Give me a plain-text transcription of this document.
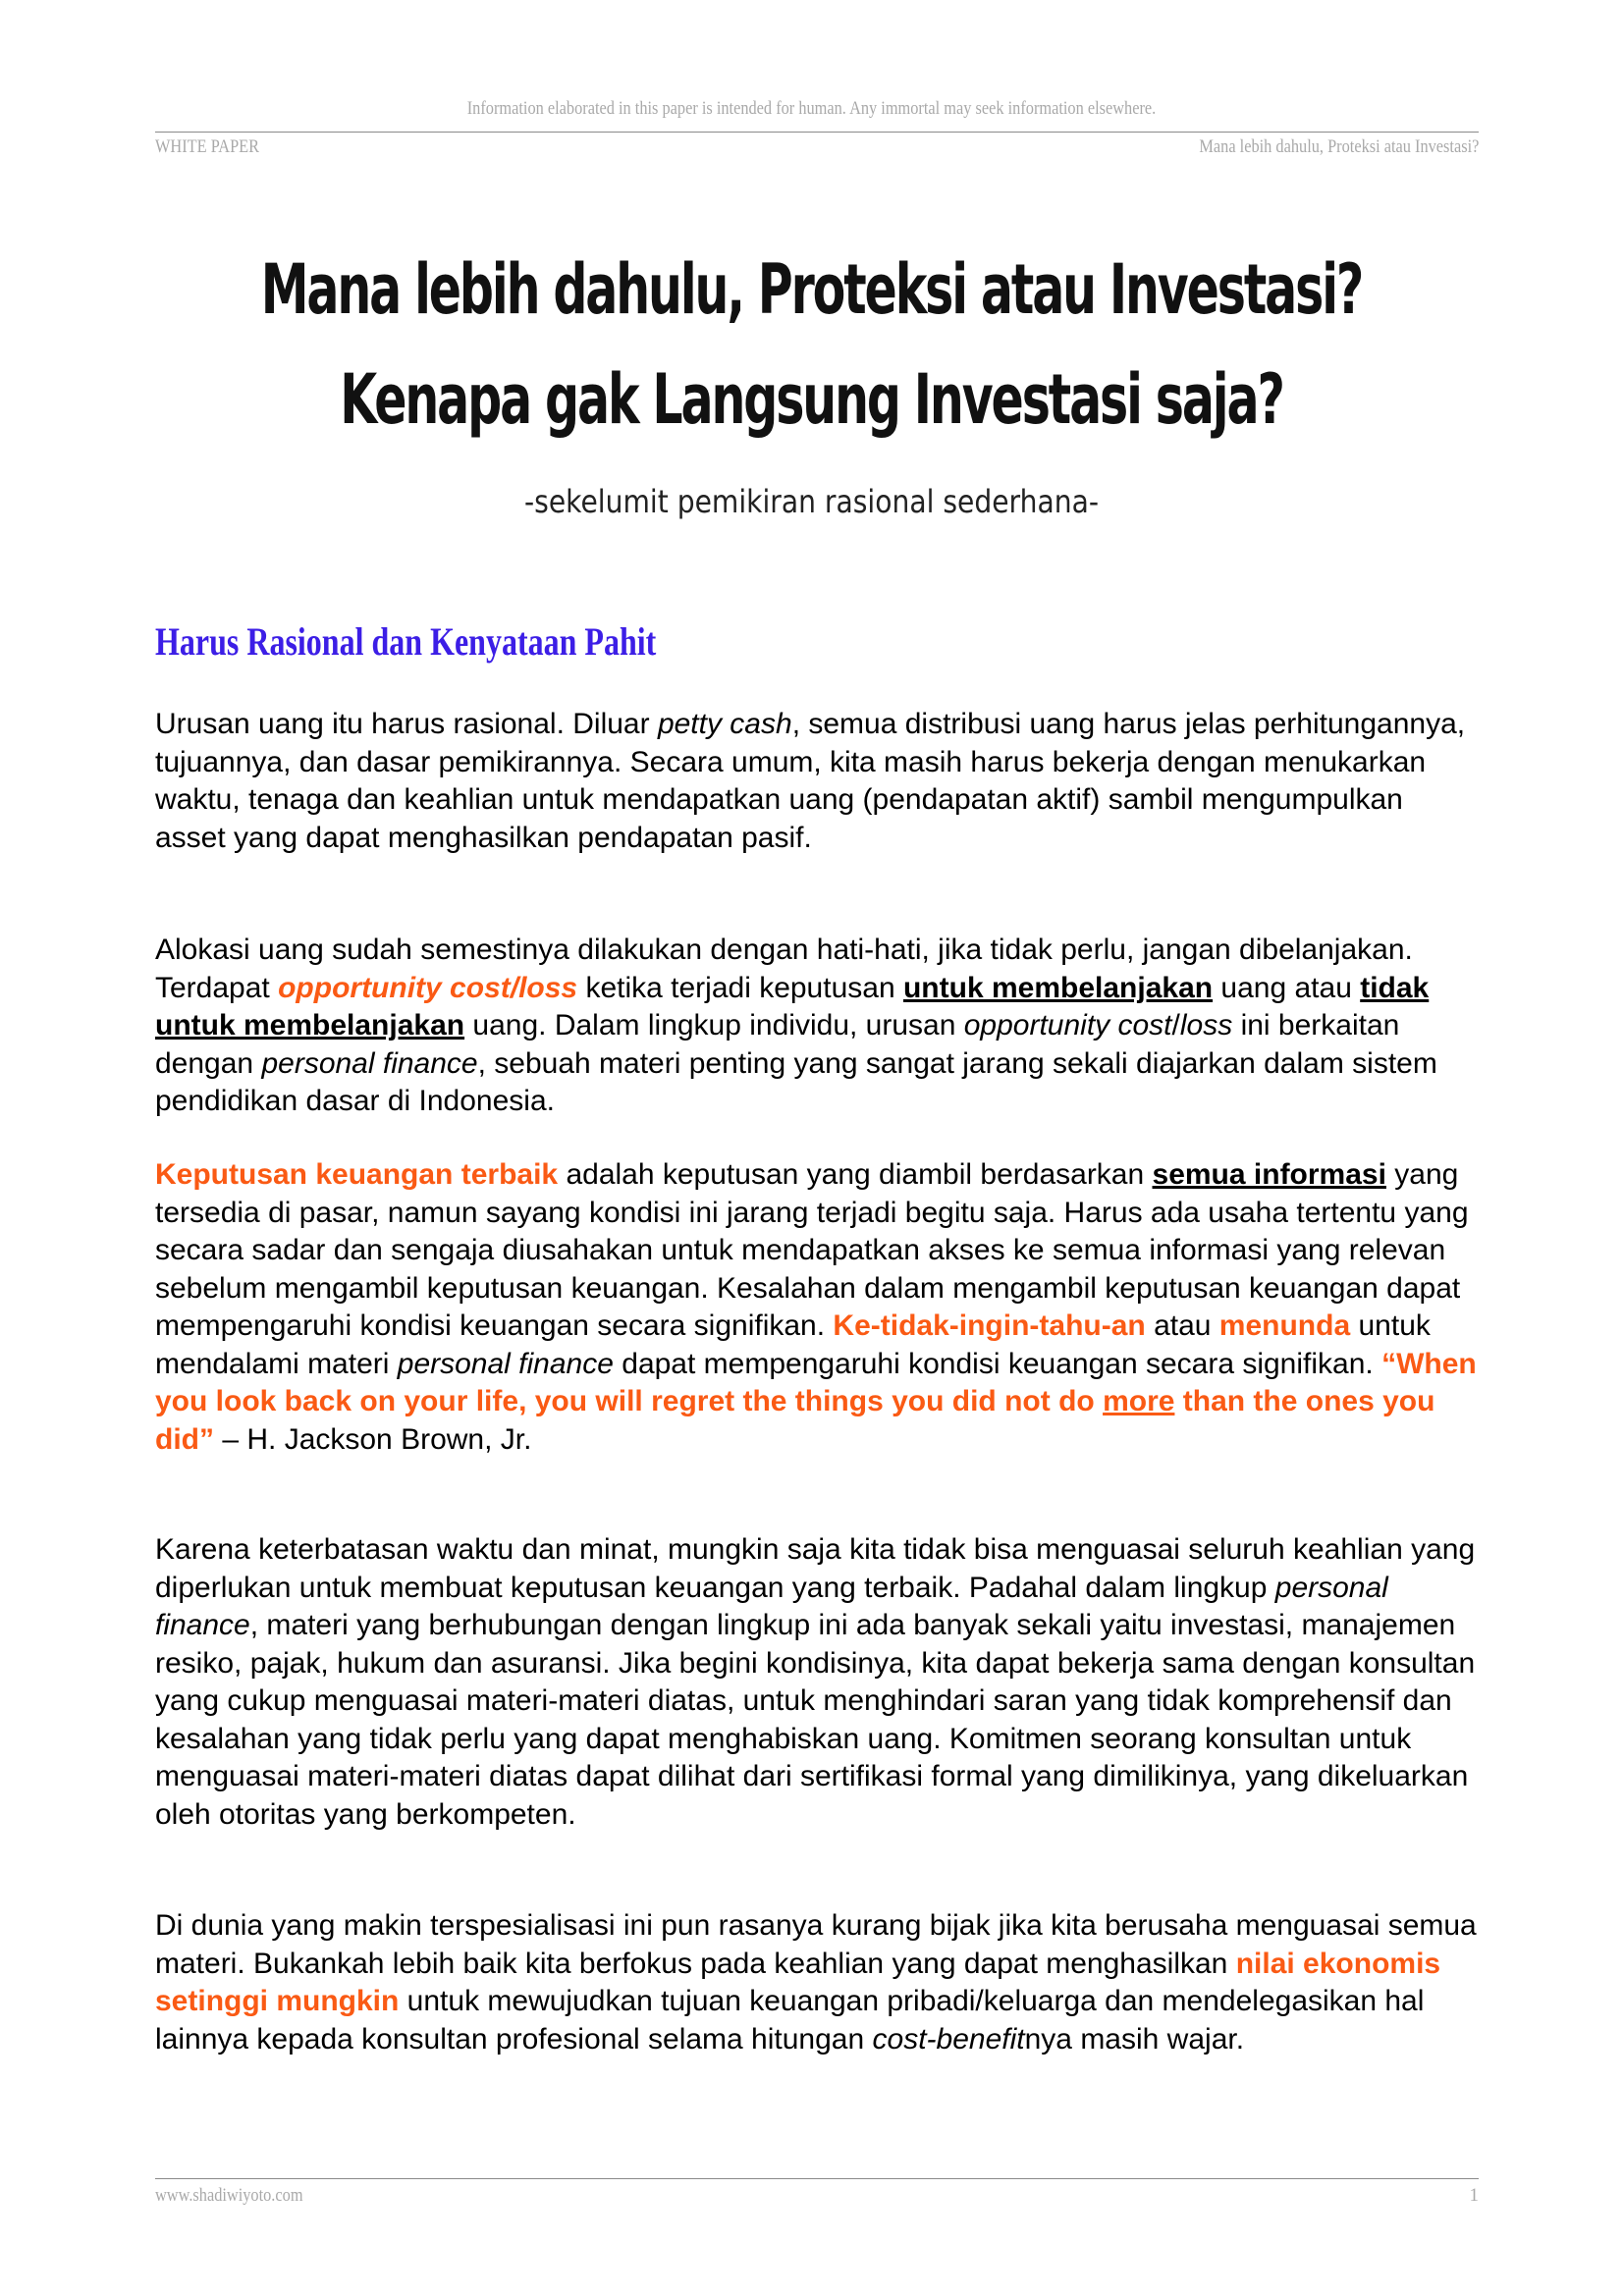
Information elaborated in this paper is intended for human. Any immortal may seek information elsewhere.
WHITE PAPER	Mana lebih dahulu, Proteksi atau Investasi?
Mana lebih dahulu, Proteksi atau Investasi?
Kenapa gak Langsung Investasi saja?
-sekelumit pemikiran rasional sederhana-
Harus Rasional dan Kenyataan Pahit

Urusan uang itu harus rasional. Diluar petty cash, semua distribusi uang harus jelas perhitungannya, tujuannya, dan dasar pemikirannya. Secara umum, kita masih harus bekerja dengan menukarkan waktu, tenaga dan keahlian untuk mendapatkan uang (pendapatan aktif) sambil mengumpulkan asset yang dapat menghasilkan pendapatan pasif.

Alokasi uang sudah semestinya dilakukan dengan hati-hati, jika tidak perlu, jangan dibelanjakan. Terdapat opportunity cost/loss ketika terjadi keputusan untuk membelanjakan uang atau tidak untuk membelanjakan uang. Dalam lingkup individu, urusan opportunity cost/loss ini berkaitan dengan personal finance, sebuah materi penting yang sangat jarang sekali diajarkan dalam sistem pendidikan dasar di Indonesia.

Keputusan keuangan terbaik adalah keputusan yang diambil berdasarkan semua informasi yang tersedia di pasar, namun sayang kondisi ini jarang terjadi begitu saja. Harus ada usaha tertentu yang secara sadar dan sengaja diusahakan untuk mendapatkan akses ke semua informasi yang relevan sebelum mengambil keputusan keuangan. Kesalahan dalam mengambil keputusan keuangan dapat mempengaruhi kondisi keuangan secara signifikan. Ke-tidak-ingin-tahu-an atau menunda untuk mendalami materi personal finance dapat mempengaruhi kondisi keuangan secara signifikan. “When you look back on your life, you will regret the things you did not do more than the ones you did” – H. Jackson Brown, Jr.

Karena keterbatasan waktu dan minat, mungkin saja kita tidak bisa menguasai seluruh keahlian yang diperlukan untuk membuat keputusan keuangan yang terbaik. Padahal dalam lingkup personal finance, materi yang berhubungan dengan lingkup ini ada banyak sekali yaitu investasi, manajemen resiko, pajak, hukum dan asuransi. Jika begini kondisinya, kita dapat bekerja sama dengan konsultan yang cukup menguasai materi-materi diatas, untuk menghindari saran yang tidak komprehensif dan kesalahan yang tidak perlu yang dapat menghabiskan uang. Komitmen seorang konsultan untuk menguasai materi-materi diatas dapat dilihat dari sertifikasi formal yang dimilikinya, yang dikeluarkan oleh otoritas yang berkompeten.

Di dunia yang makin terspesialisasi ini pun rasanya kurang bijak jika kita berusaha menguasai semua materi. Bukankah lebih baik kita berfokus pada keahlian yang dapat menghasilkan nilai ekonomis setinggi mungkin untuk mewujudkan tujuan keuangan pribadi/keluarga dan mendelegasikan hal lainnya kepada konsultan profesional selama hitungan cost-benefitnya masih wajar.

www.shadiwiyoto.com	1
